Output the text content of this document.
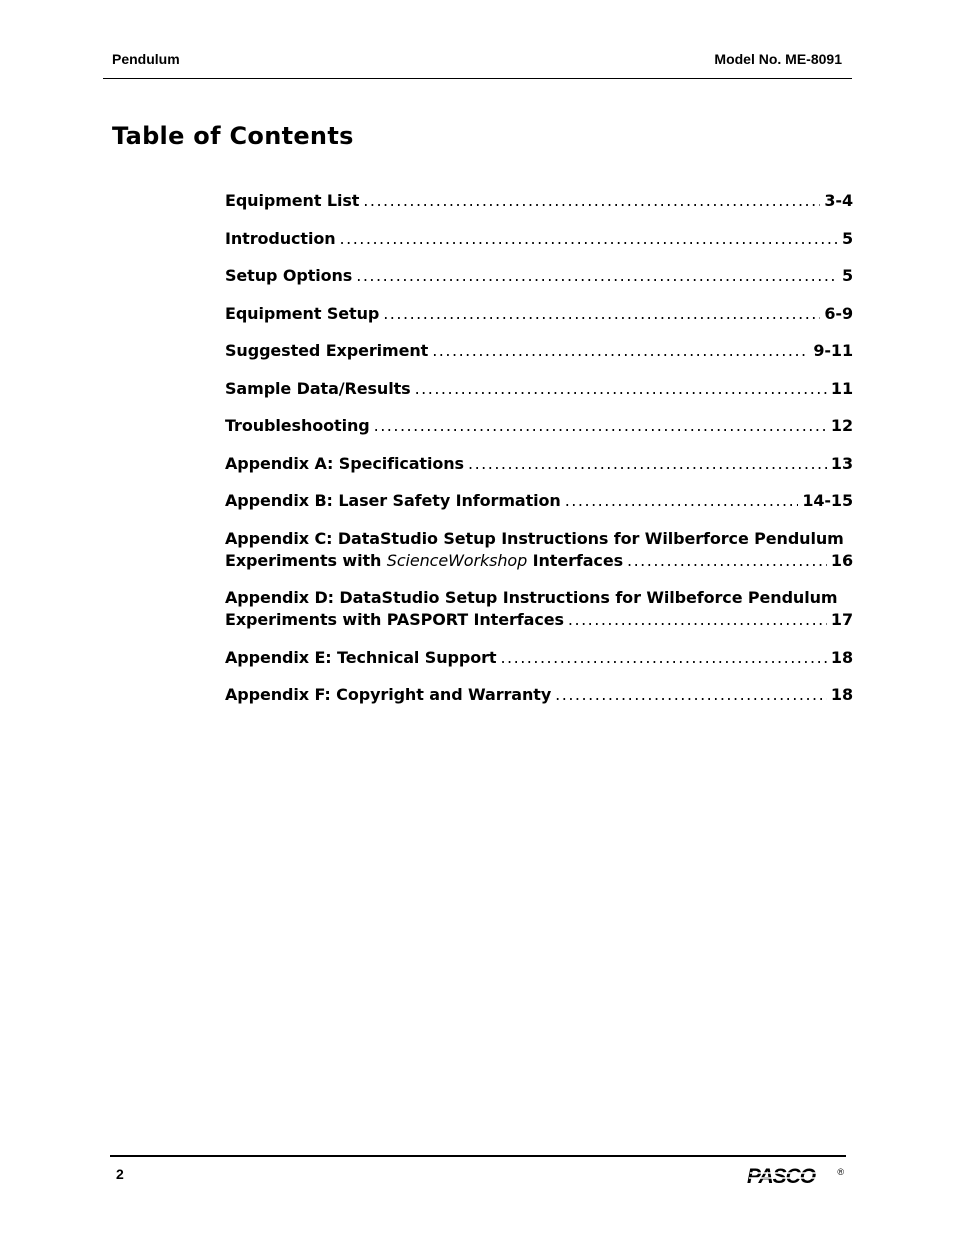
Pendulum	Model No. ME-8091
Table of Contents
Equipment List .....	3-4
Introduction .....	5
Setup Options .....	5
Equipment Setup .....	6-9
Suggested Experiment .....	9-11
Sample Data/Results .....	11
Troubleshooting .....	12
Appendix A: Specifications .....	13
Appendix B: Laser Safety Information .....	14-15
Appendix C: DataStudio Setup Instructions for Wilberforce Pendulum
Experiments with ScienceWorkshop Interfaces .....	16
Appendix D: DataStudio Setup Instructions for Wilbeforce Pendulum
Experiments with PASPORT Interfaces .....	17
Appendix E: Technical Support .....	18
Appendix F: Copyright and Warranty .....	18
2	PASCO ®
